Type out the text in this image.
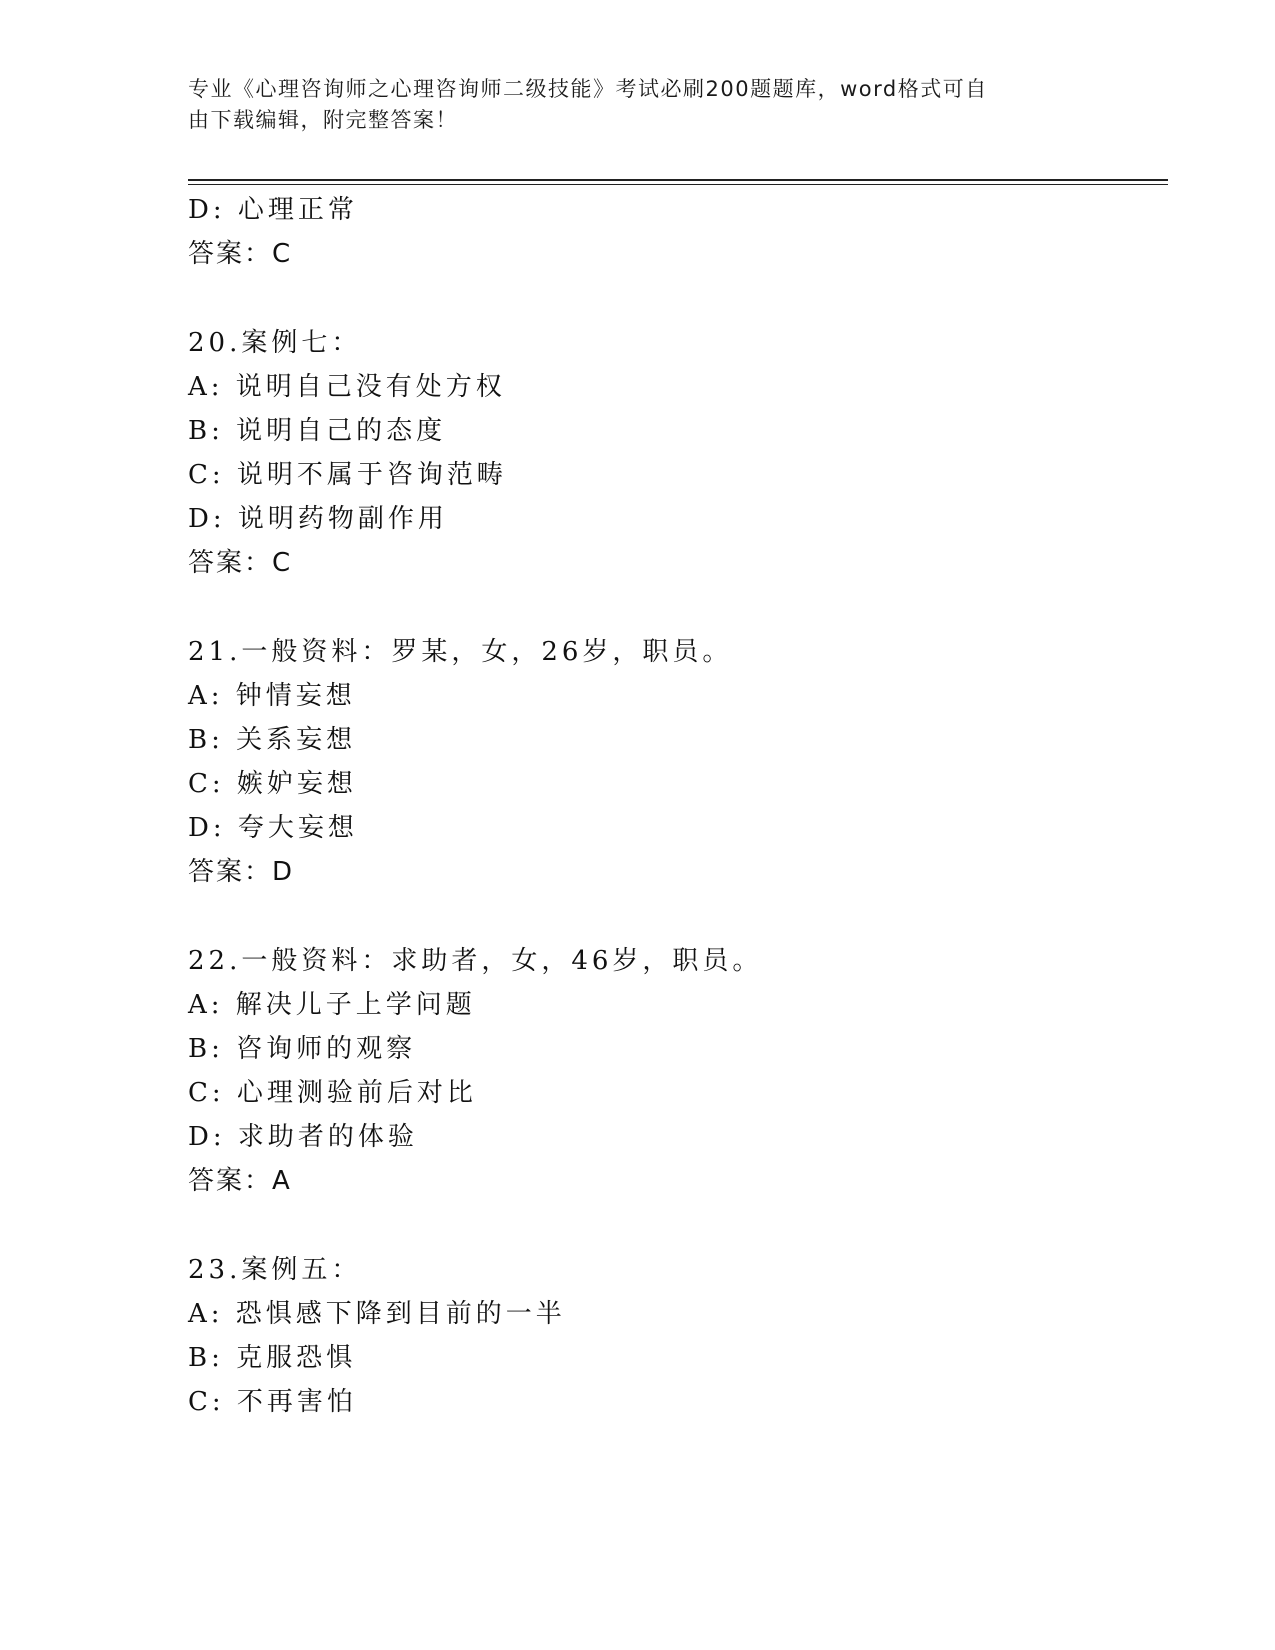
专业《心理咨询师之心理咨询师二级技能》考试必刷200题题库，word格式可自
由下载编辑，附完整答案！
D: 心理正常
答案：C
20.案例七：
A: 说明自己没有处方权
B: 说明自己的态度
C: 说明不属于咨询范畴
D: 说明药物副作用
答案：C
21.一般资料：罗某，女，26岁，职员。
A: 钟情妄想
B: 关系妄想
C: 嫉妒妄想
D: 夸大妄想
答案：D
22.一般资料：求助者，女，46岁，职员。
A: 解决儿子上学问题
B: 咨询师的观察
C: 心理测验前后对比
D: 求助者的体验
答案：A
23.案例五：
A: 恐惧感下降到目前的一半
B: 克服恐惧
C: 不再害怕
